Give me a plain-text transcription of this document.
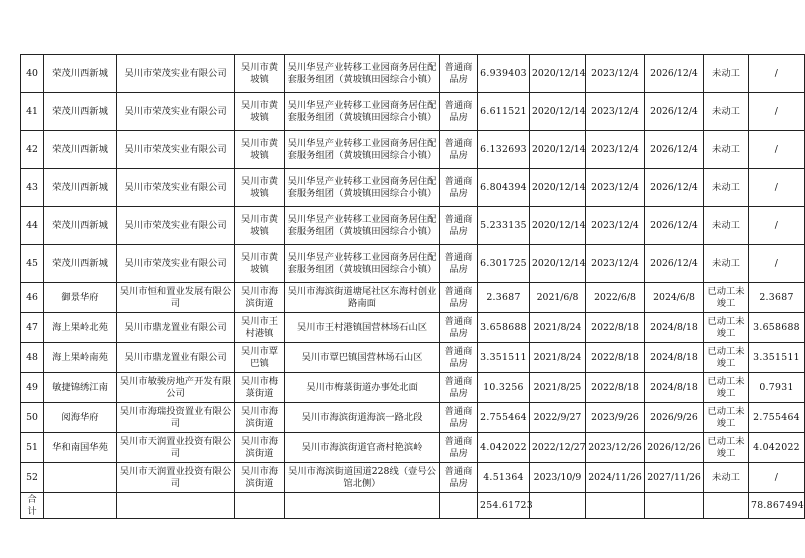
40	荣茂川西新城	吴川市荣茂实业有限公司	吴川市黄坡镇	吴川华昱产业转移工业园商务居住配套服务组团（黄坡镇田园综合小镇）	普通商品房	6.939403	2020/12/14	2023/12/4	2026/12/4	未动工	/
41	荣茂川西新城	吴川市荣茂实业有限公司	吴川市黄坡镇	吴川华昱产业转移工业园商务居住配套服务组团（黄坡镇田园综合小镇）	普通商品房	6.611521	2020/12/14	2023/12/4	2026/12/4	未动工	/
42	荣茂川西新城	吴川市荣茂实业有限公司	吴川市黄坡镇	吴川华昱产业转移工业园商务居住配套服务组团（黄坡镇田园综合小镇）	普通商品房	6.132693	2020/12/14	2023/12/4	2026/12/4	未动工	/
43	荣茂川西新城	吴川市荣茂实业有限公司	吴川市黄坡镇	吴川华昱产业转移工业园商务居住配套服务组团（黄坡镇田园综合小镇）	普通商品房	6.804394	2020/12/14	2023/12/4	2026/12/4	未动工	/
44	荣茂川西新城	吴川市荣茂实业有限公司	吴川市黄坡镇	吴川华昱产业转移工业园商务居住配套服务组团（黄坡镇田园综合小镇）	普通商品房	5.233135	2020/12/14	2023/12/4	2026/12/4	未动工	/
45	荣茂川西新城	吴川市荣茂实业有限公司	吴川市黄坡镇	吴川华昱产业转移工业园商务居住配套服务组团（黄坡镇田园综合小镇）	普通商品房	6.301725	2020/12/14	2023/12/4	2026/12/4	未动工	/
46	御景华府	吴川市恒和置业发展有限公司	吴川市海滨街道	吴川市海滨街道塘尾社区东海村创业路南面	普通商品房	2.3687	2021/6/8	2022/6/8	2024/6/8	已动工未竣工	2.3687
47	海上果岭北苑	吴川市鼎龙置业有限公司	吴川市王村港镇	吴川市王村港镇国营林场石山区	普通商品房	3.658688	2021/8/24	2022/8/18	2024/8/18	已动工未竣工	3.658688
48	海上果岭南苑	吴川市鼎龙置业有限公司	吴川市覃巴镇	吴川市覃巴镇国营林场石山区	普通商品房	3.351511	2021/8/24	2022/8/18	2024/8/18	已动工未竣工	3.351511
49	敏捷锦绣江南	吴川市敏骏房地产开发有限公司	吴川市梅菉街道	吴川市梅菉街道办事处北面	普通商品房	10.3256	2021/8/25	2022/8/18	2024/8/18	已动工未竣工	0.7931
50	阅海华府	吴川市海瑞投资置业有限公司	吴川市海滨街道	吴川市海滨街道海滨一路北段	普通商品房	2.755464	2022/9/27	2023/9/26	2026/9/26	已动工未竣工	2.755464
51	华和南国华苑	吴川市天润置业投资有限公司	吴川市海滨街道	吴川市海滨街道官斋村艳滨岭	普通商品房	4.042022	2022/12/27	2023/12/26	2026/12/26	已动工未竣工	4.042022
52		吴川市天润置业投资有限公司	吴川市海滨街道	吴川市海滨街道国道228线（壹号公馆北侧）	普通商品房	4.51364	2023/10/9	2024/11/26	2027/11/26	未动工	/
合计						254.61723					78.867494
